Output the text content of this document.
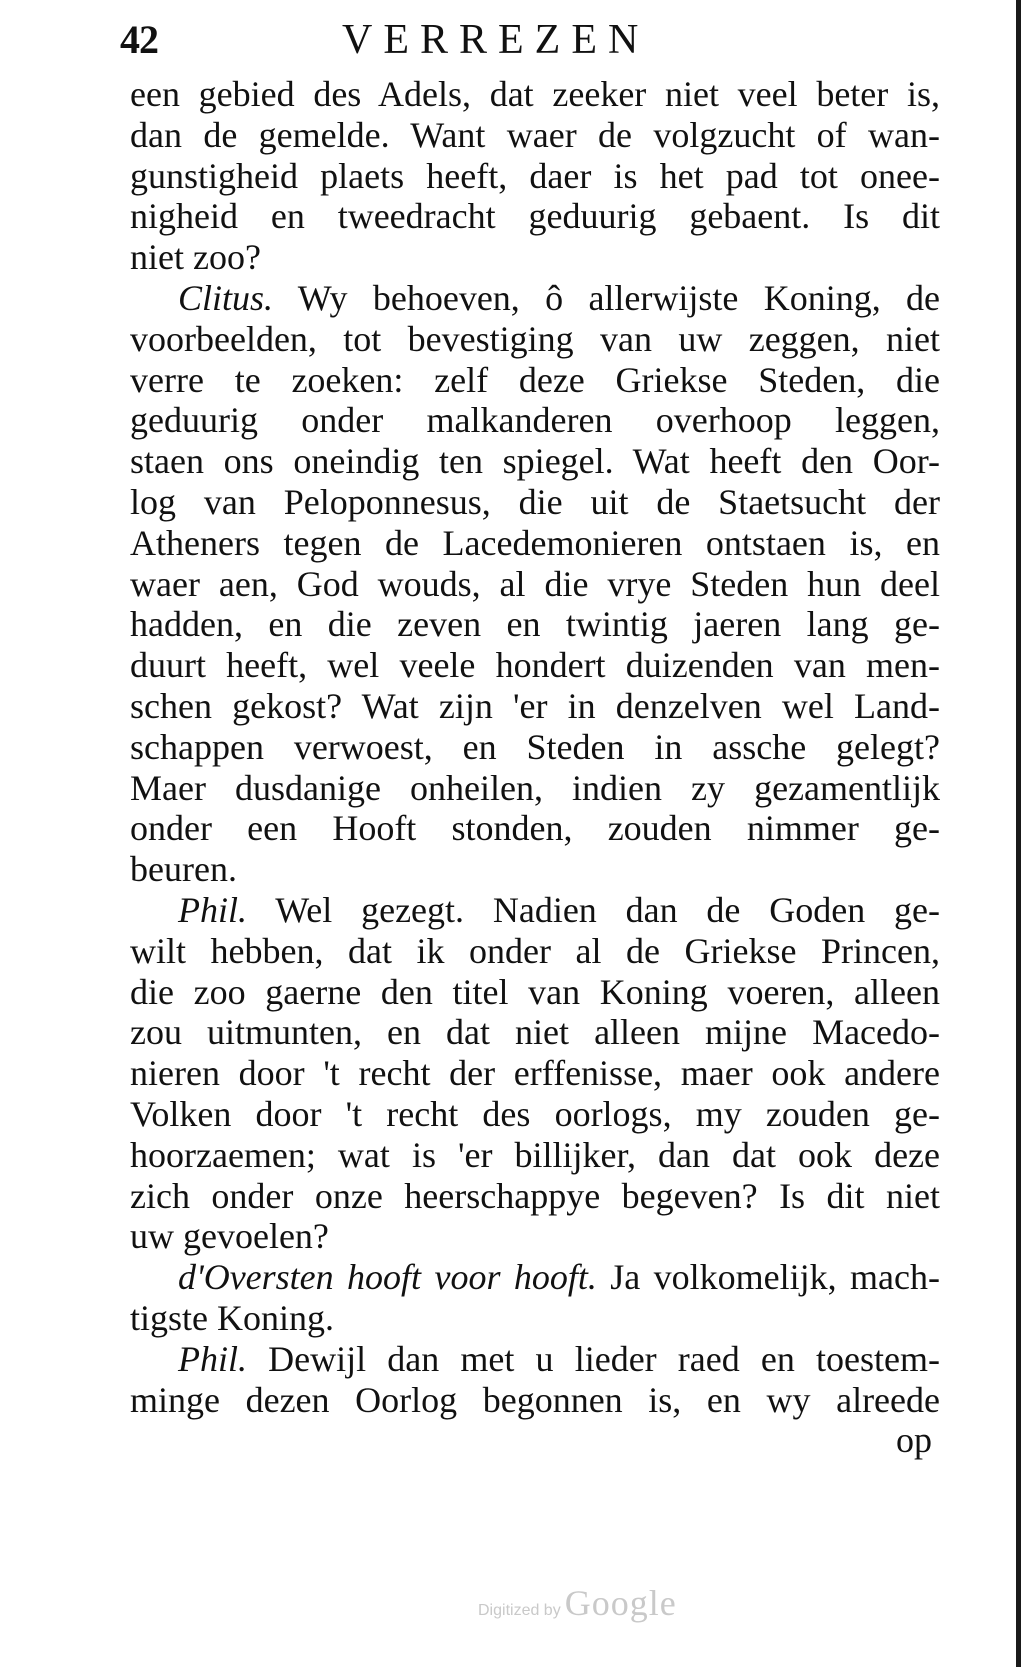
42	VERREZEN
een gebied des Adels, dat zeeker niet veel beter is,
dan de gemelde. Want waer de volgzucht of wan-
gunstigheid plaets heeft, daer is het pad tot onee-
nigheid en tweedracht geduurig gebaent. Is dit
niet zoo?
Clitus. Wy behoeven, ô allerwijste Koning, de
voorbeelden, tot bevestiging van uw zeggen, niet
verre te zoeken: zelf deze Griekse Steden, die
geduurig onder malkanderen overhoop leggen,
staen ons oneindig ten spiegel. Wat heeft den Oor-
log van Peloponnesus, die uit de Staetsucht der
Atheners tegen de Lacedemonieren ontstaen is, en
waer aen, God wouds, al die vrye Steden hun deel
hadden, en die zeven en twintig jaeren lang ge-
duurt heeft, wel veele hondert duizenden van men-
schen gekost? Wat zijn 'er in denzelven wel Land-
schappen verwoest, en Steden in assche gelegt?
Maer dusdanige onheilen, indien zy gezamentlijk
onder een Hooft stonden, zouden nimmer ge-
beuren.
Phil. Wel gezegt. Nadien dan de Goden ge-
wilt hebben, dat ik onder al de Griekse Princen,
die zoo gaerne den titel van Koning voeren, alleen
zou uitmunten, en dat niet alleen mijne Macedo-
nieren door 't recht der erffenisse, maer ook andere
Volken door 't recht des oorlogs, my zouden ge-
hoorzaemen; wat is 'er billijker, dan dat ook deze
zich onder onze heerschappye begeven? Is dit niet
uw gevoelen?
d'Oversten hooft voor hooft. Ja volkomelijk, mach-
tigste Koning.
Phil. Dewijl dan met u lieder raed en toestem-
minge dezen Oorlog begonnen is, en wy alreede
op
Digitized by Google
